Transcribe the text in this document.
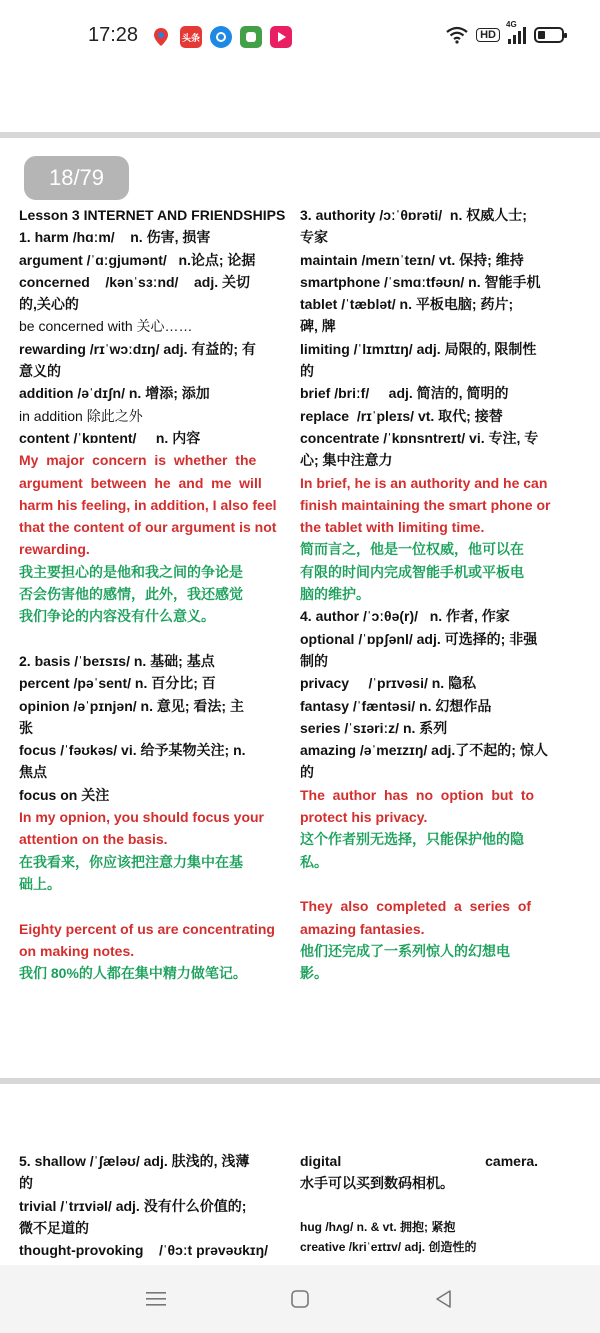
17:28	头条	HD
4G
18/79

Lesson 3 INTERNET AND FRIENDSHIPS

1. harm /hɑːm/    n. 伤害, 损害

argument /ˈɑːgjumənt/   n.论点; 论据

concerned    /kənˈsɜːnd/    adj. 关切

的,关心的

be concerned with 关心……

rewarding /rɪˈwɔːdɪŋ/ adj. 有益的; 有

意义的

addition /əˈdɪʃn/ n. 增添; 添加

in addition 除此之外

content /ˈkɒntent/     n. 内容

My  major  concern  is  whether  the

argument  between  he  and  me  will

harm his feeling, in addition, I also feel

that the content of our argument is not

rewarding.

我主要担心的是他和我之间的争论是

否会伤害他的感情，此外，我还感觉

我们争论的内容没有什么意义。

2. basis /ˈbeɪsɪs/ n. 基础; 基点

percent /pəˈsent/ n. 百分比; 百

opinion /əˈpɪnjən/ n. 意见; 看法; 主

张

focus /ˈfəʊkəs/ vi. 给予某物关注; n.

焦点

focus on 关注

In my opnion, you should focus your

attention on the basis.

在我看来，你应该把注意力集中在基

础上。

Eighty percent of us are concentrating

on making notes.

我们 80%的人都在集中精力做笔记。

3. authority /ɔːˈθɒrəti/  n. 权威人士;

专家

maintain /meɪnˈteɪn/ vt. 保持; 维持

smartphone /ˈsmɑːtfəʊn/ n. 智能手机

tablet /ˈtæblət/ n. 平板电脑; 药片;

碑, 牌

limiting /ˈlɪmɪtɪŋ/ adj. 局限的, 限制性

的

brief /briːf/     adj. 简洁的, 简明的

replace  /rɪˈpleɪs/ vt. 取代; 接替

concentrate /ˈkɒnsntreɪt/ vi. 专注, 专

心; 集中注意力

In brief, he is an authority and he can

finish maintaining the smart phone or

the tablet with limiting time.

简而言之，他是一位权威，他可以在

有限的时间内完成智能手机或平板电

脑的维护。

4. author /ˈɔːθə(r)/   n. 作者, 作家

optional /ˈɒpʃənl/ adj. 可选择的; 非强

制的

privacy     /ˈprɪvəsi/ n. 隐私

fantasy /ˈfæntəsi/ n. 幻想作品

series /ˈsɪəriːz/ n. 系列

amazing /əˈmeɪzɪŋ/ adj.了不起的; 惊人

的

The  author  has  no  option  but  to

protect his privacy.

这个作者别无选择，只能保护他的隐

私。

They  also  completed  a  series  of

amazing fantasies.

他们还完成了一系列惊人的幻想电

影。

5. shallow /ˈʃæləʊ/ adj. 肤浅的, 浅薄

的

trivial /ˈtrɪviəl/ adj. 没有什么价值的;

微不足道的

thought-provoking    /ˈθɔːt prəvəʊkɪŋ/

digital                                     camera.

水手可以买到数码相机。

hug /hʌg/ n. & vt. 拥抱; 紧抱

creative /kriˈeɪtɪv/ adj. 创造性的
